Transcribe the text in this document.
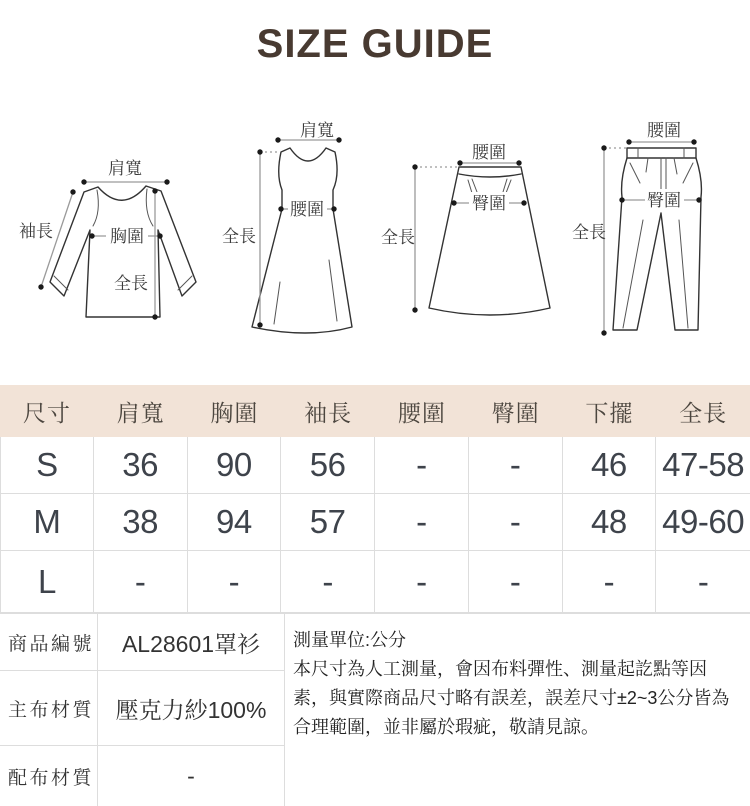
SIZE GUIDE
肩寬
袖長	胸圍
全長
肩寬
腰圍
全長
腰圍
臀圍
全長
腰圍
臀圍
全長
尺寸	肩寬	胸圍	袖長	腰圍	臀圍	下擺	全長
S	36	90	56	-	-	46	47-58
M	38	94	57	-	-	48	49-60
L	-	-	-	-	-	-	-
商品編號	AL28601罩衫
主布材質 壓克力紗100%
配布材質	-
測量單位:公分
本尺寸為人工測量，會因布料彈性、測量起訖點等因素，與實際商品尺寸略有誤差，誤差尺寸±2~3公分皆為合理範圍，並非屬於瑕疵，敬請見諒。
